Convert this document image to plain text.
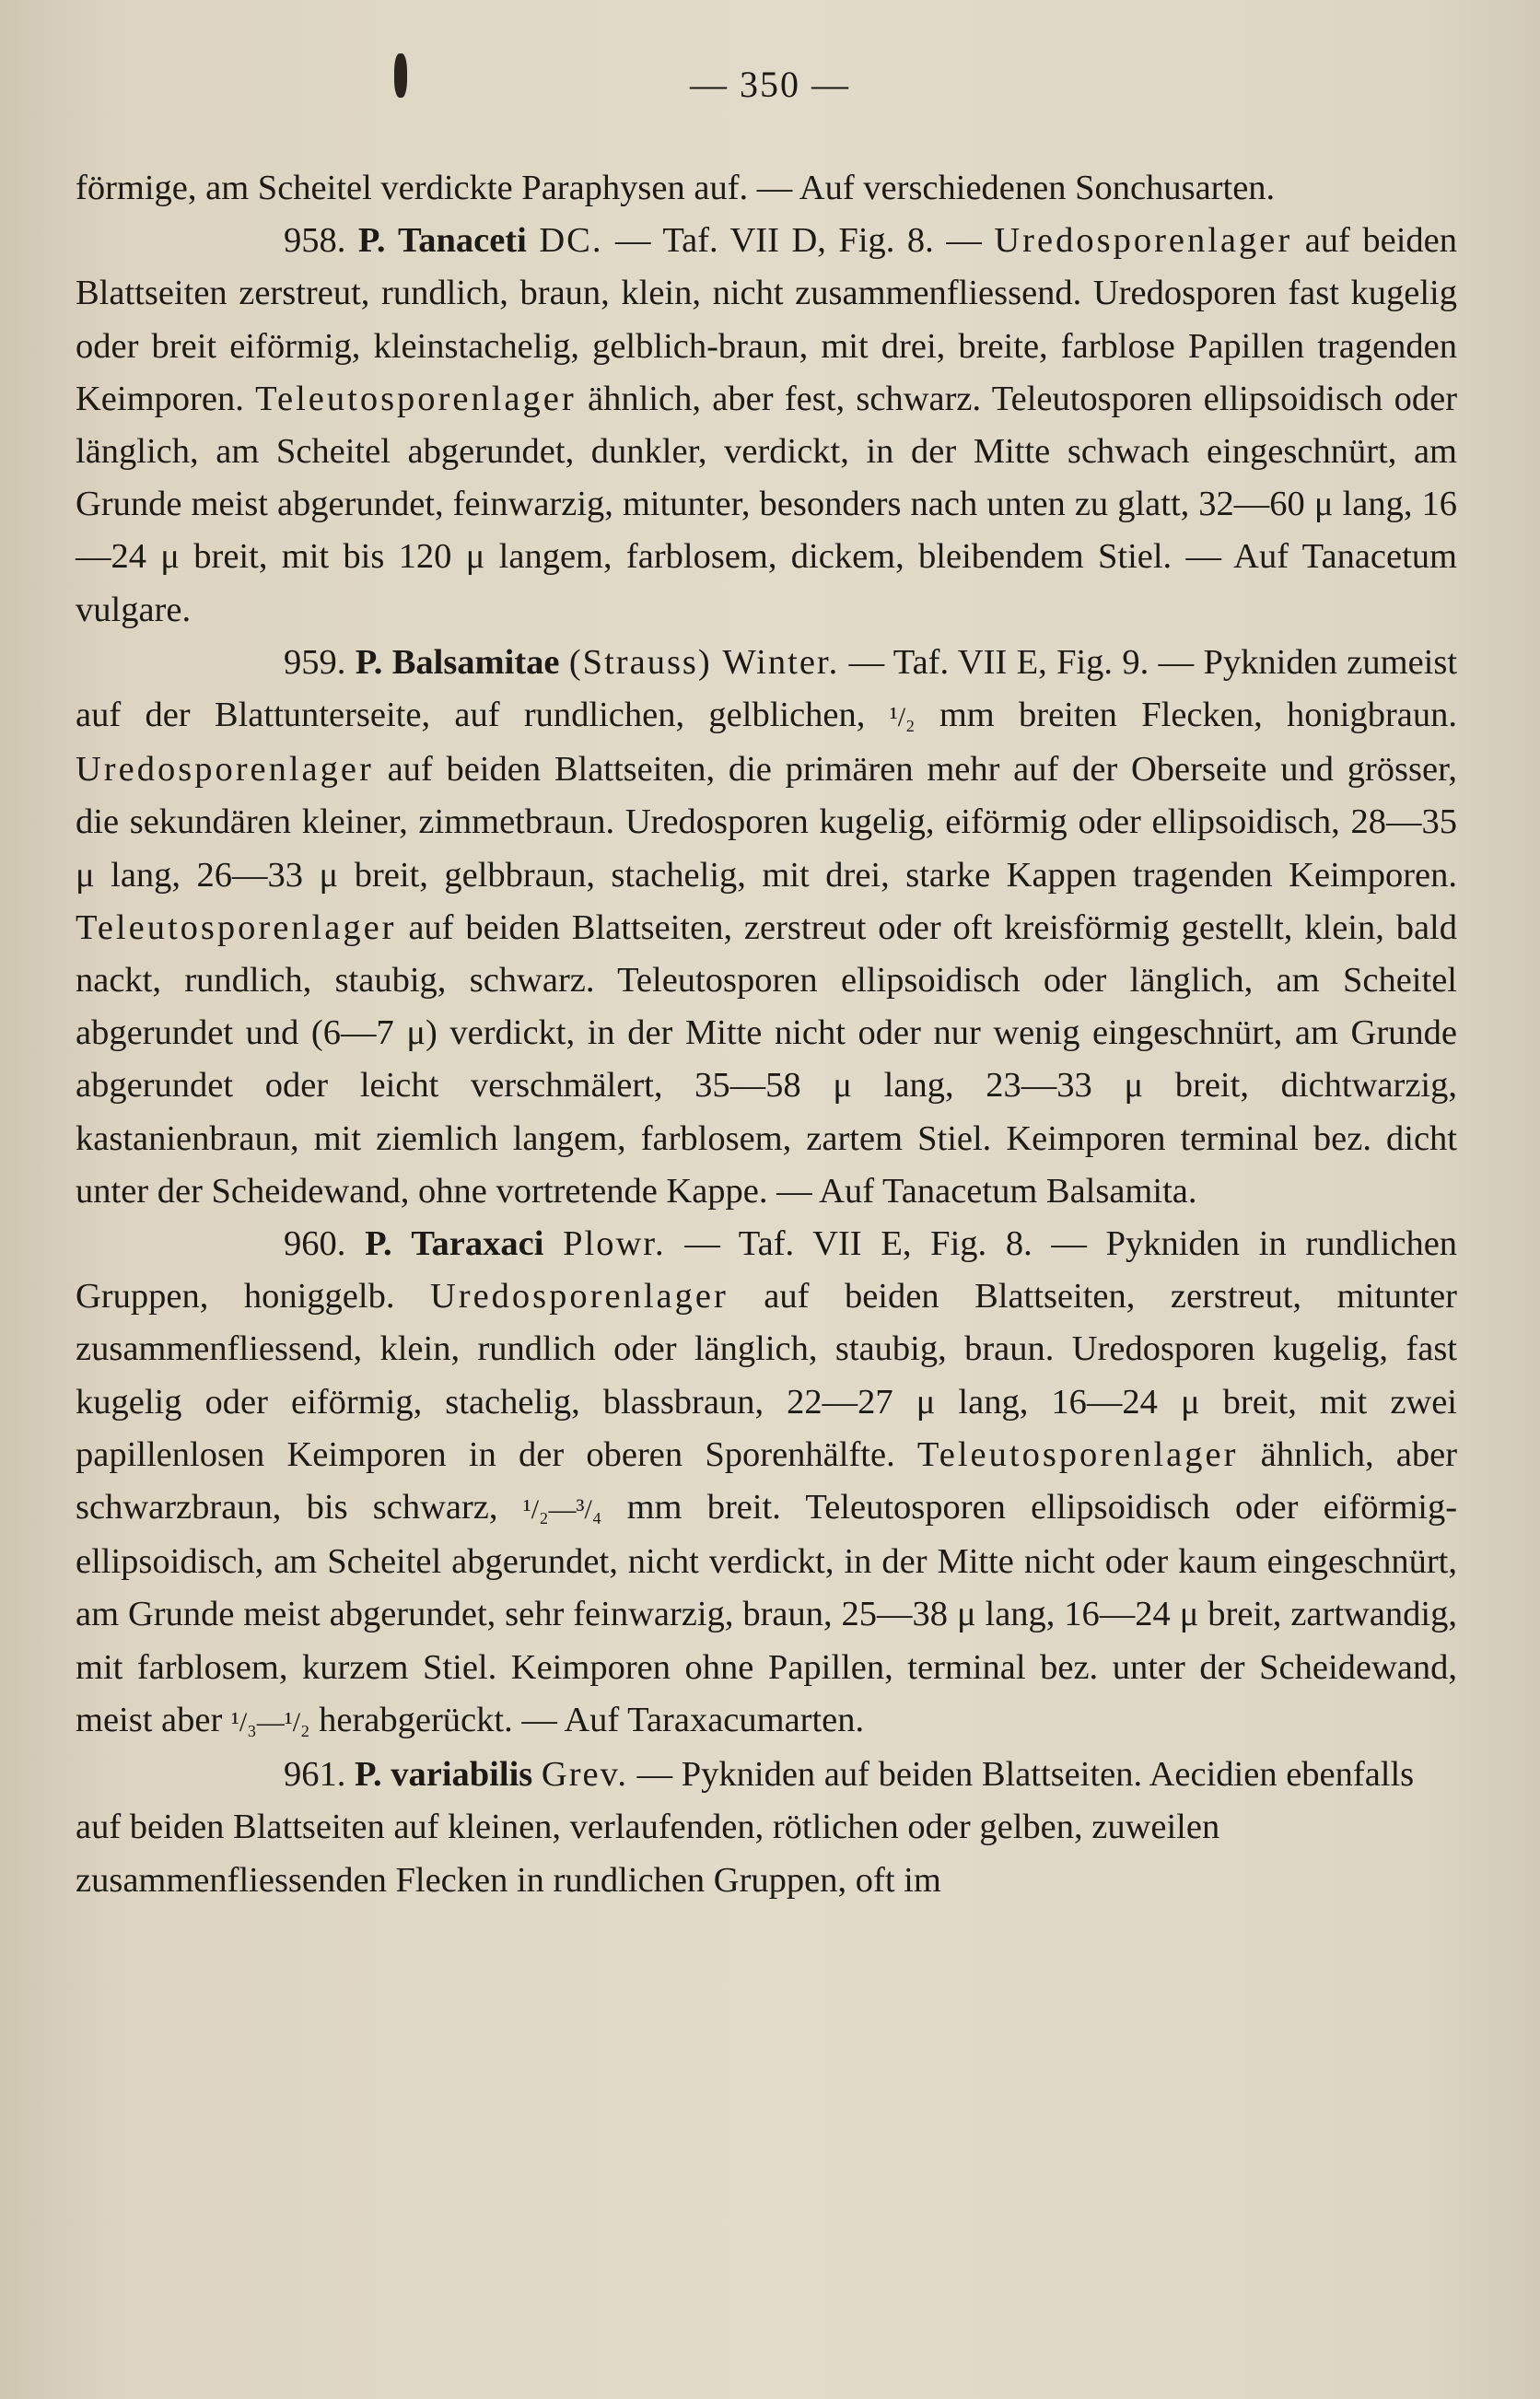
— 350 —

förmige, am Scheitel verdickte Paraphysen auf. — Auf verschiedenen Sonchusarten.

958. P. Tanaceti DC. — Taf. VII D, Fig. 8. — Uredosporenlager auf beiden Blattseiten zerstreut, rundlich, braun, klein, nicht zusammenfliessend. Uredosporen fast kugelig oder breit eiförmig, kleinstachelig, gelblich-braun, mit drei, breite, farblose Papillen tragenden Keimporen. Teleutosporenlager ähnlich, aber fest, schwarz. Teleutosporen ellipsoidisch oder länglich, am Scheitel abgerundet, dunkler, verdickt, in der Mitte schwach eingeschnürt, am Grunde meist abgerundet, feinwarzig, mitunter, besonders nach unten zu glatt, 32—60 μ lang, 16—24 μ breit, mit bis 120 μ langem, farblosem, dickem, bleibendem Stiel. — Auf Tanacetum vulgare.

959. P. Balsamitae (Strauss) Winter. — Taf. VII E, Fig. 9. — Pykniden zumeist auf der Blattunterseite, auf rundlichen, gelblichen, ¹/₂ mm breiten Flecken, honigbraun. Uredosporenlager auf beiden Blattseiten, die primären mehr auf der Oberseite und grösser, die sekundären kleiner, zimmetbraun. Uredosporen kugelig, eiförmig oder ellipsoidisch, 28—35 μ lang, 26—33 μ breit, gelbbraun, stachelig, mit drei, starke Kappen tragenden Keimporen. Teleutosporenlager auf beiden Blattseiten, zerstreut oder oft kreisförmig gestellt, klein, bald nackt, rundlich, staubig, schwarz. Teleutosporen ellipsoidisch oder länglich, am Scheitel abgerundet und (6—7 μ) verdickt, in der Mitte nicht oder nur wenig eingeschnürt, am Grunde abgerundet oder leicht verschmälert, 35—58 μ lang, 23—33 μ breit, dichtwarzig, kastanienbraun, mit ziemlich langem, farblosem, zartem Stiel. Keimporen terminal bez. dicht unter der Scheidewand, ohne vortretende Kappe. — Auf Tanacetum Balsamita.

960. P. Taraxaci Plowr. — Taf. VII E, Fig. 8. — Pykniden in rundlichen Gruppen, honiggelb. Uredosporenlager auf beiden Blattseiten, zerstreut, mitunter zusammenfliessend, klein, rundlich oder länglich, staubig, braun. Uredosporen kugelig, fast kugelig oder eiförmig, stachelig, blassbraun, 22—27 μ lang, 16—24 μ breit, mit zwei papillenlosen Keimporen in der oberen Sporenhälfte. Teleutosporenlager ähnlich, aber schwarzbraun, bis schwarz, ¹/₂—³/₄ mm breit. Teleutosporen ellipsoidisch oder eiförmig-ellipsoidisch, am Scheitel abgerundet, nicht verdickt, in der Mitte nicht oder kaum eingeschnürt, am Grunde meist abgerundet, sehr feinwarzig, braun, 25—38 μ lang, 16—24 μ breit, zartwandig, mit farblosem, kurzem Stiel. Keimporen ohne Papillen, terminal bez. unter der Scheidewand, meist aber ¹/₃—¹/₂ herabgerückt. — Auf Taraxacumarten.

961. P. variabilis Grev. — Pykniden auf beiden Blattseiten. Aecidien ebenfalls auf beiden Blattseiten auf kleinen, verlaufenden, rötlichen oder gelben, zuweilen zusammenfliessenden Flecken in rundlichen Gruppen, oft im
